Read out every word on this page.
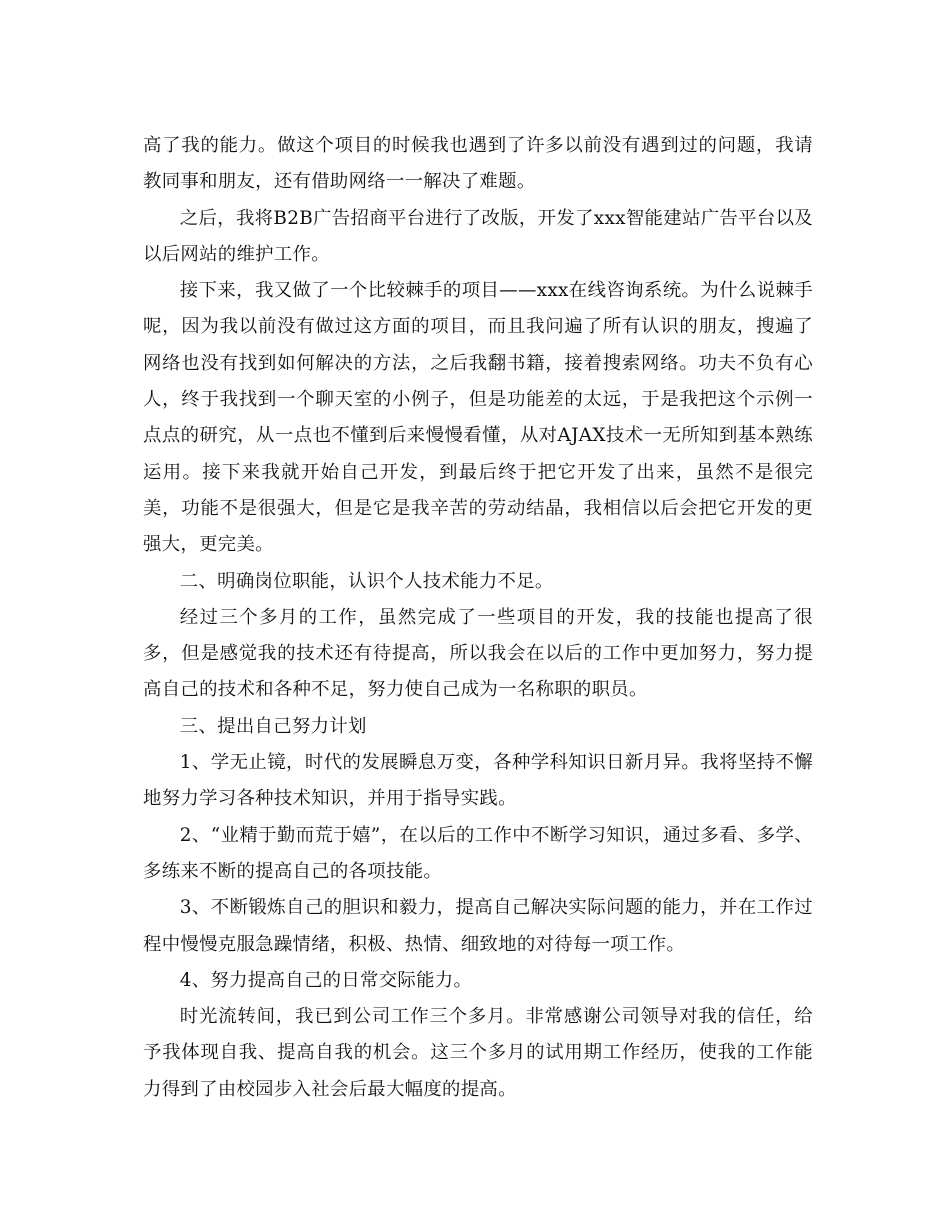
高了我的能力。做这个项目的时候我也遇到了许多以前没有遇到过的问题，我请教同事和朋友，还有借助网络一一解决了难题。

之后，我将B2B广告招商平台进行了改版，开发了xxx智能建站广告平台以及以后网站的维护工作。

接下来，我又做了一个比较棘手的项目——xxx在线咨询系统。为什么说棘手呢，因为我以前没有做过这方面的项目，而且我问遍了所有认识的朋友，搜遍了网络也没有找到如何解决的方法，之后我翻书籍，接着搜索网络。功夫不负有心人，终于我找到一个聊天室的小例子，但是功能差的太远，于是我把这个示例一点点的研究，从一点也不懂到后来慢慢看懂，从对AJAX技术一无所知到基本熟练运用。接下来我就开始自己开发，到最后终于把它开发了出来，虽然不是很完美，功能不是很强大，但是它是我辛苦的劳动结晶，我相信以后会把它开发的更强大，更完美。

二、明确岗位职能，认识个人技术能力不足。

经过三个多月的工作，虽然完成了一些项目的开发，我的技能也提高了很多，但是感觉我的技术还有待提高，所以我会在以后的工作中更加努力，努力提高自己的技术和各种不足，努力使自己成为一名称职的职员。

三、提出自己努力计划

1、学无止镜，时代的发展瞬息万变，各种学科知识日新月异。我将坚持不懈地努力学习各种技术知识，并用于指导实践。

2、“业精于勤而荒于嬉”，在以后的工作中不断学习知识，通过多看、多学、多练来不断的提高自己的各项技能。

3、不断锻炼自己的胆识和毅力，提高自己解决实际问题的能力，并在工作过程中慢慢克服急躁情绪，积极、热情、细致地的对待每一项工作。

4、努力提高自己的日常交际能力。

时光流转间，我已到公司工作三个多月。非常感谢公司领导对我的信任，给予我体现自我、提高自我的机会。这三个多月的试用期工作经历，使我的工作能力得到了由校园步入社会后最大幅度的提高。
